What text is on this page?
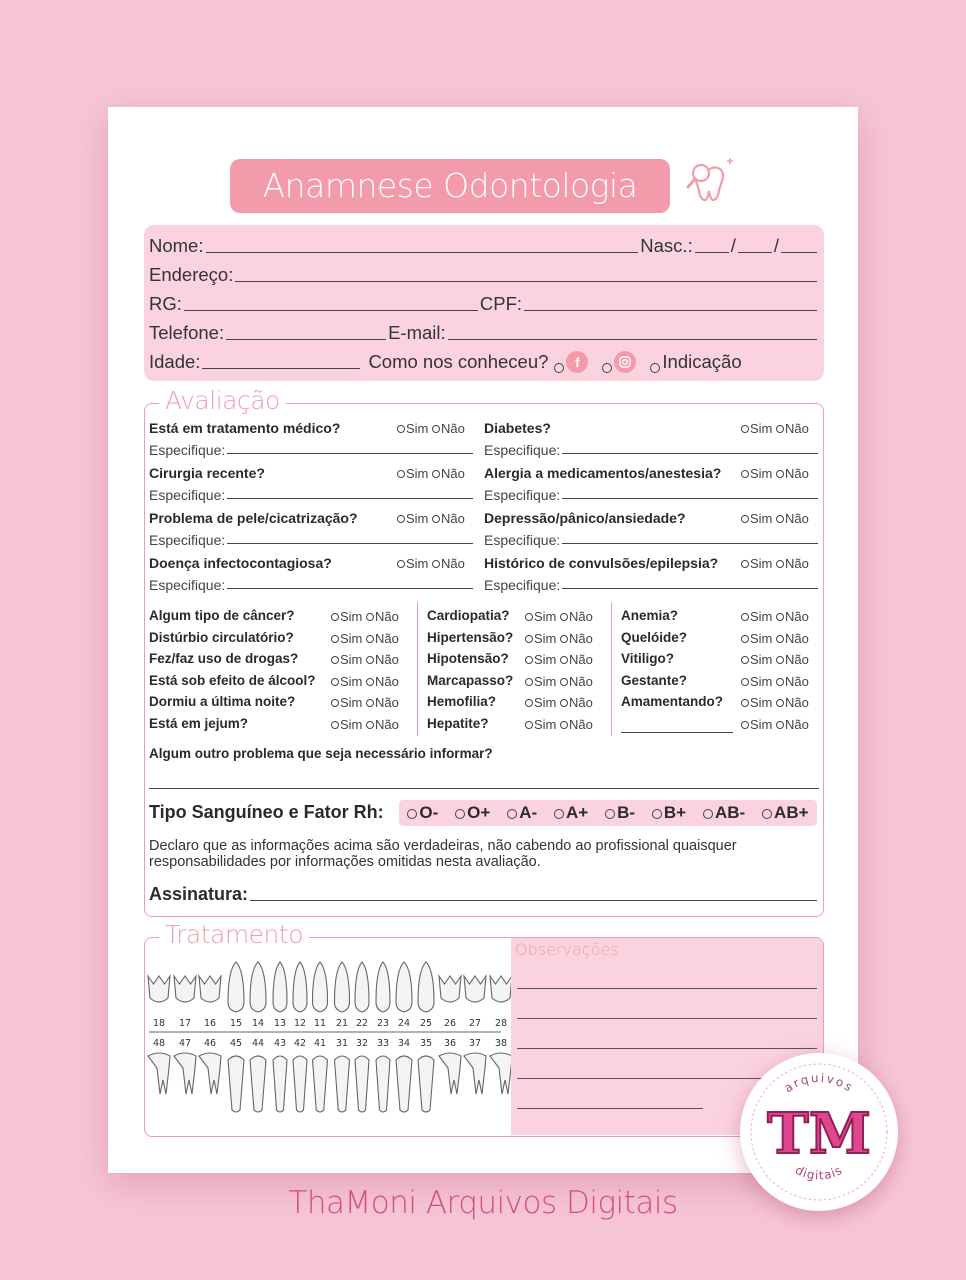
Anamnese Odontologia
Nome:	Nasc.: / /
Endereço:
RG:	CPF:
Telefone:	E-mail:
Idade:	Como nos conheceu?	f	Indicação
Avaliação
Está em tratamento médico?	Sim Não
Especifique:
Diabetes?	Sim Não
Especifique:
Cirurgia recente?	Sim Não
Especifique:
Alergia a medicamentos/anestesia?	Sim Não
Especifique:
Problema de pele/cicatrização?	Sim Não
Especifique:
Depressão/pânico/ansiedade?	Sim Não
Especifique:
Doença infectocontagiosa?	Sim Não
Especifique:
Histórico de convulsões/epilepsia?	Sim Não
Especifique:
Algum tipo de câncer?	Sim Não Cardiopatia?	Sim Não Anemia?	Sim Não
Distúrbio circulatório?	Sim Não Hipertensão?	Sim Não Quelóide?	Sim Não
Fez/faz uso de drogas?	Sim Não Hipotensão?	Sim Não Vitiligo?	Sim Não
Está sob efeito de álcool?	Sim Não Marcapasso?	Sim Não Gestante?	Sim Não
Dormiu a última noite?	Sim Não Hemofilia?	Sim Não Amamentando?	Sim Não
Está em jejum?	Sim Não Hepatite?	Sim Não	Sim Não
Algum outro problema que seja necessário informar?
Tipo Sanguíneo e Fator Rh:	O-	O+	A-	A+	B-	B+	AB-	AB+
Declaro que as informações acima são verdadeiras, não cabendo ao profissional quaisquer responsabilidades por informações omitidas nesta avaliação.
Assinatura:
Tratamento
18 17 16 15 14 13 12 11 21 22 23 24 25 26 27 28
48 47 46 45 44 43 42 41 31 32 33 34 35 36 37 38
Observações
ThaMoni Arquivos Digitais
arquivos
TM
digitais
